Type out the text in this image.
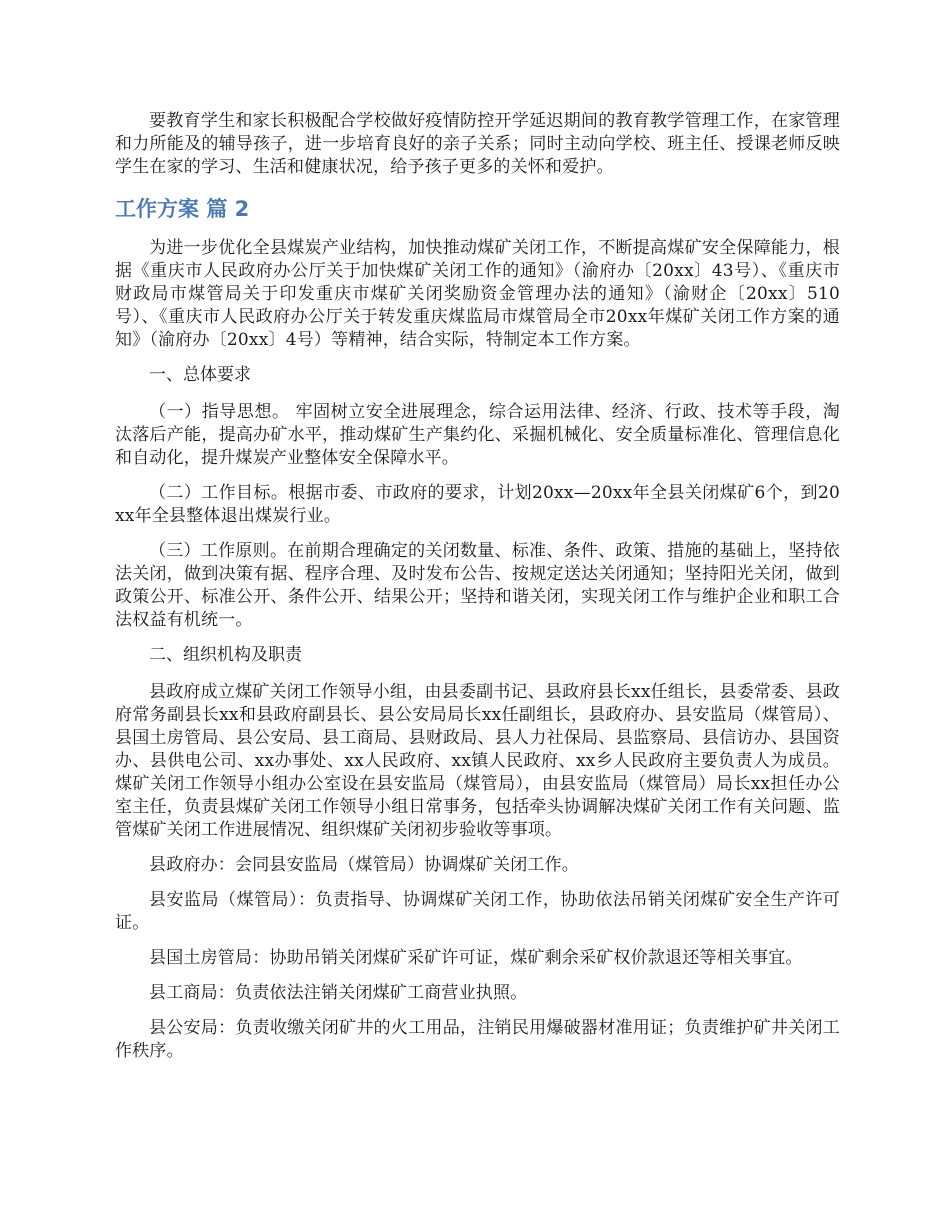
要教育学生和家长积极配合学校做好疫情防控开学延迟期间的教育教学管理工作，在家管理和力所能及的辅导孩子，进一步培育良好的亲子关系；同时主动向学校、班主任、授课老师反映学生在家的学习、生活和健康状况，给予孩子更多的关怀和爱护。

工作方案 篇 2

为进一步优化全县煤炭产业结构，加快推动煤矿关闭工作，不断提高煤矿安全保障能力，根据《重庆市人民政府办公厅关于加快煤矿关闭工作的通知》（渝府办〔20xx〕43号）、《重庆市财政局市煤管局关于印发重庆市煤矿关闭奖励资金管理办法的通知》（渝财企〔20xx〕510号）、《重庆市人民政府办公厅关于转发重庆煤监局市煤管局全市20xx年煤矿关闭工作方案的通知》（渝府办〔20xx〕4号）等精神，结合实际，特制定本工作方案。

一、总体要求

（一）指导思想。 牢固树立安全进展理念，综合运用法律、经济、行政、技术等手段，淘汰落后产能，提高办矿水平，推动煤矿生产集约化、采掘机械化、安全质量标准化、管理信息化和自动化，提升煤炭产业整体安全保障水平。

（二）工作目标。根据市委、市政府的要求，计划20xx—20xx年全县关闭煤矿6个，到20xx年全县整体退出煤炭行业。

（三）工作原则。在前期合理确定的关闭数量、标准、条件、政策、措施的基础上，坚持依法关闭，做到决策有据、程序合理、及时发布公告、按规定送达关闭通知；坚持阳光关闭，做到政策公开、标准公开、条件公开、结果公开；坚持和谐关闭，实现关闭工作与维护企业和职工合法权益有机统一。

二、组织机构及职责

县政府成立煤矿关闭工作领导小组，由县委副书记、县政府县长xx任组长，县委常委、县政府常务副县长xx和县政府副县长、县公安局局长xx任副组长，县政府办、县安监局（煤管局）、县国土房管局、县公安局、县工商局、县财政局、县人力社保局、县监察局、县信访办、县国资办、县供电公司、xx办事处、xx人民政府、xx镇人民政府、xx乡人民政府主要负责人为成员。煤矿关闭工作领导小组办公室设在县安监局（煤管局），由县安监局（煤管局）局长xx担任办公室主任，负责县煤矿关闭工作领导小组日常事务，包括牵头协调解决煤矿关闭工作有关问题、监管煤矿关闭工作进展情况、组织煤矿关闭初步验收等事项。

县政府办：会同县安监局（煤管局）协调煤矿关闭工作。

县安监局（煤管局）：负责指导、协调煤矿关闭工作，协助依法吊销关闭煤矿安全生产许可证。

县国土房管局：协助吊销关闭煤矿采矿许可证，煤矿剩余采矿权价款退还等相关事宜。

县工商局：负责依法注销关闭煤矿工商营业执照。

县公安局：负责收缴关闭矿井的火工用品，注销民用爆破器材准用证；负责维护矿井关闭工作秩序。
